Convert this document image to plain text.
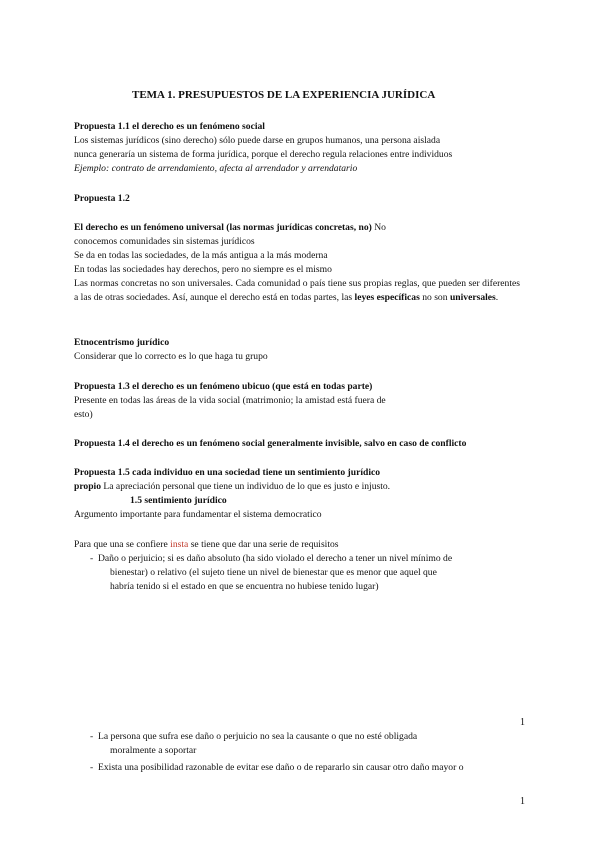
TEMA 1. PRESUPUESTOS DE LA EXPERIENCIA JURÍDICA
Propuesta 1.1 el derecho es un fenómeno social
Los sistemas jurídicos (sino derecho) sólo puede darse en grupos humanos, una persona aislada
nunca generaría un sistema de forma jurídica, porque el derecho regula relaciones entre individuos
Ejemplo: contrato de arrendamiento, afecta al arrendador y arrendatario
Propuesta 1.2
El derecho es un fenómeno universal (las normas jurídicas concretas, no) No
conocemos comunidades sin sistemas jurídicos
Se da en todas las sociedades, de la más antigua a la más moderna
En todas las sociedades hay derechos, pero no siempre es el mismo
Las normas concretas no son universales. Cada comunidad o país tiene sus propias reglas, que pueden ser diferentes a las de otras sociedades. Así, aunque el derecho está en todas partes, las leyes específicas no son universales.
Etnocentrismo jurídico
Considerar que lo correcto es lo que haga tu grupo
Propuesta 1.3 el derecho es un fenómeno ubicuo (que está en todas parte)
Presente en todas las áreas de la vida social (matrimonio; la amistad está fuera de
esto)
Propuesta 1.4 el derecho es un fenómeno social generalmente invisible, salvo en caso de conflicto
Propuesta 1.5 cada individuo en una sociedad tiene un sentimiento jurídico
propio La apreciación personal que tiene un individuo de lo que es justo e injusto.
1.5 sentimiento jurídico
Argumento importante para fundamentar el sistema democratico
Para que una se confiere insta se tiene que dar una serie de requisitos
- Daño o perjuicio; si es daño absoluto (ha sido violado el derecho a tener un nivel mínimo de
bienestar) o relativo (el sujeto tiene un nivel de bienestar que es menor que aquel que
habría tenido si el estado en que se encuentra no hubiese tenido lugar)
1
- La persona que sufra ese daño o perjuicio no sea la causante o que no esté obligada
moralmente a soportar
- Exista una posibilidad razonable de evitar ese daño o de repararlo sin causar otro daño mayor o
1
